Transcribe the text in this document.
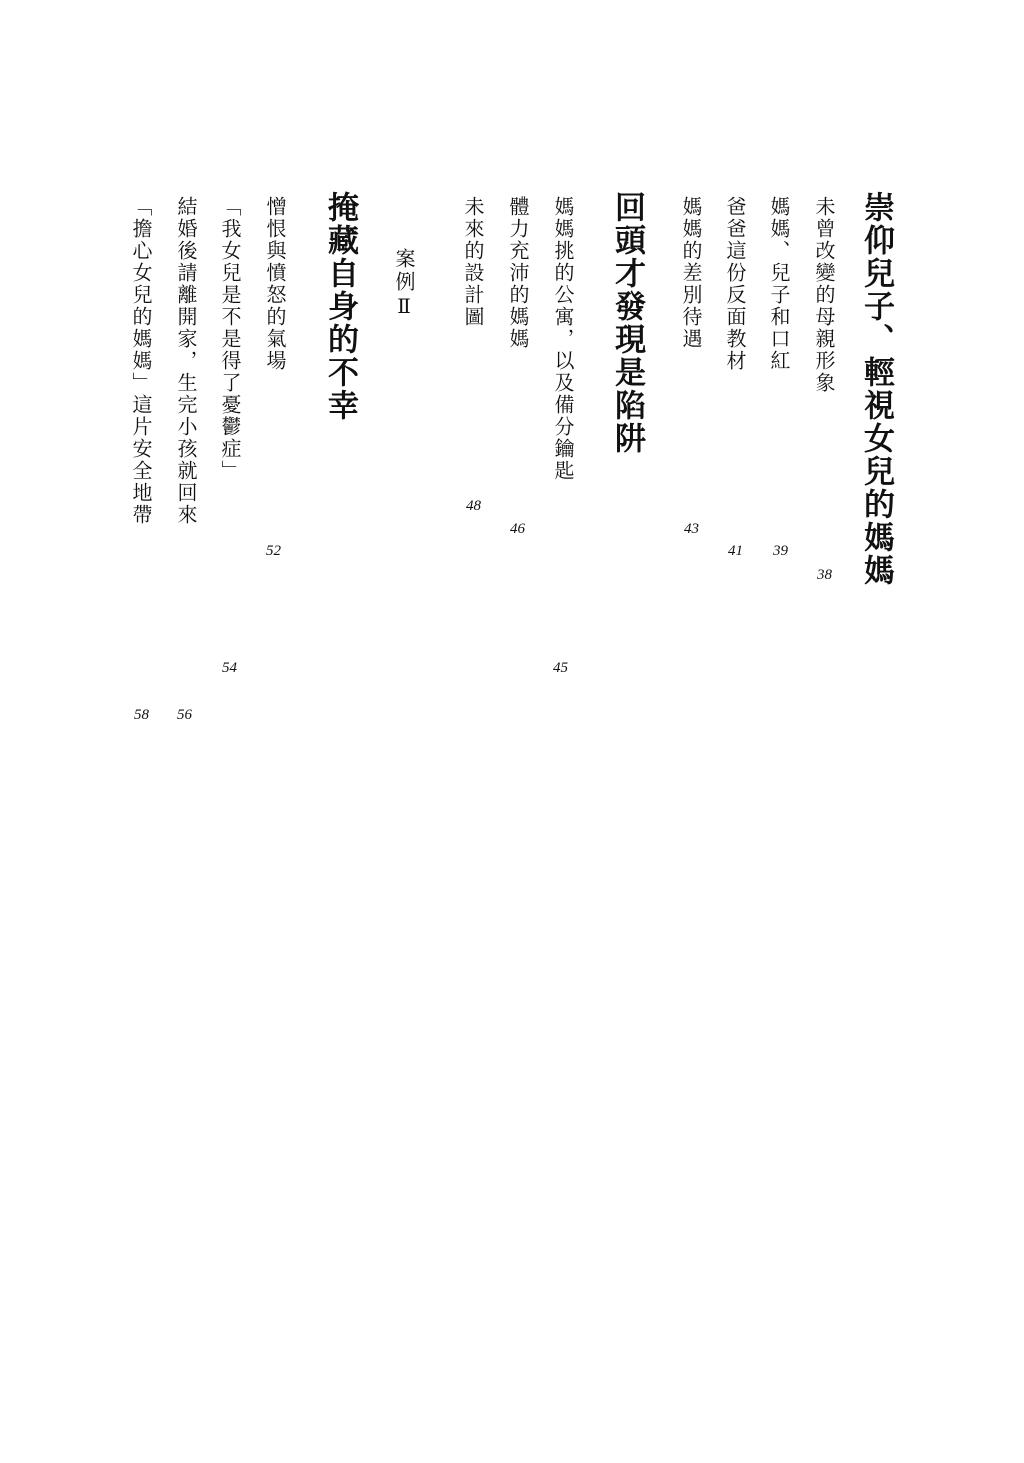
崇仰兒子、輕視女兒的媽媽
未曾改變的母親形象
38
媽媽、兒子和口紅
39
爸爸這份反面教材
41
媽媽的差別待遇
43
回頭才發現是陷阱
媽媽挑的公寓，以及備分鑰匙
45
體力充沛的媽媽
46
未來的設計圖
48
案例Ⅱ
掩藏自身的不幸
憎恨與憤怒的氣場
52
「我女兒是不是得了憂鬱症」
54
結婚後請離開家，生完小孩就回來
56
「擔心女兒的媽媽」這片安全地帶
58
